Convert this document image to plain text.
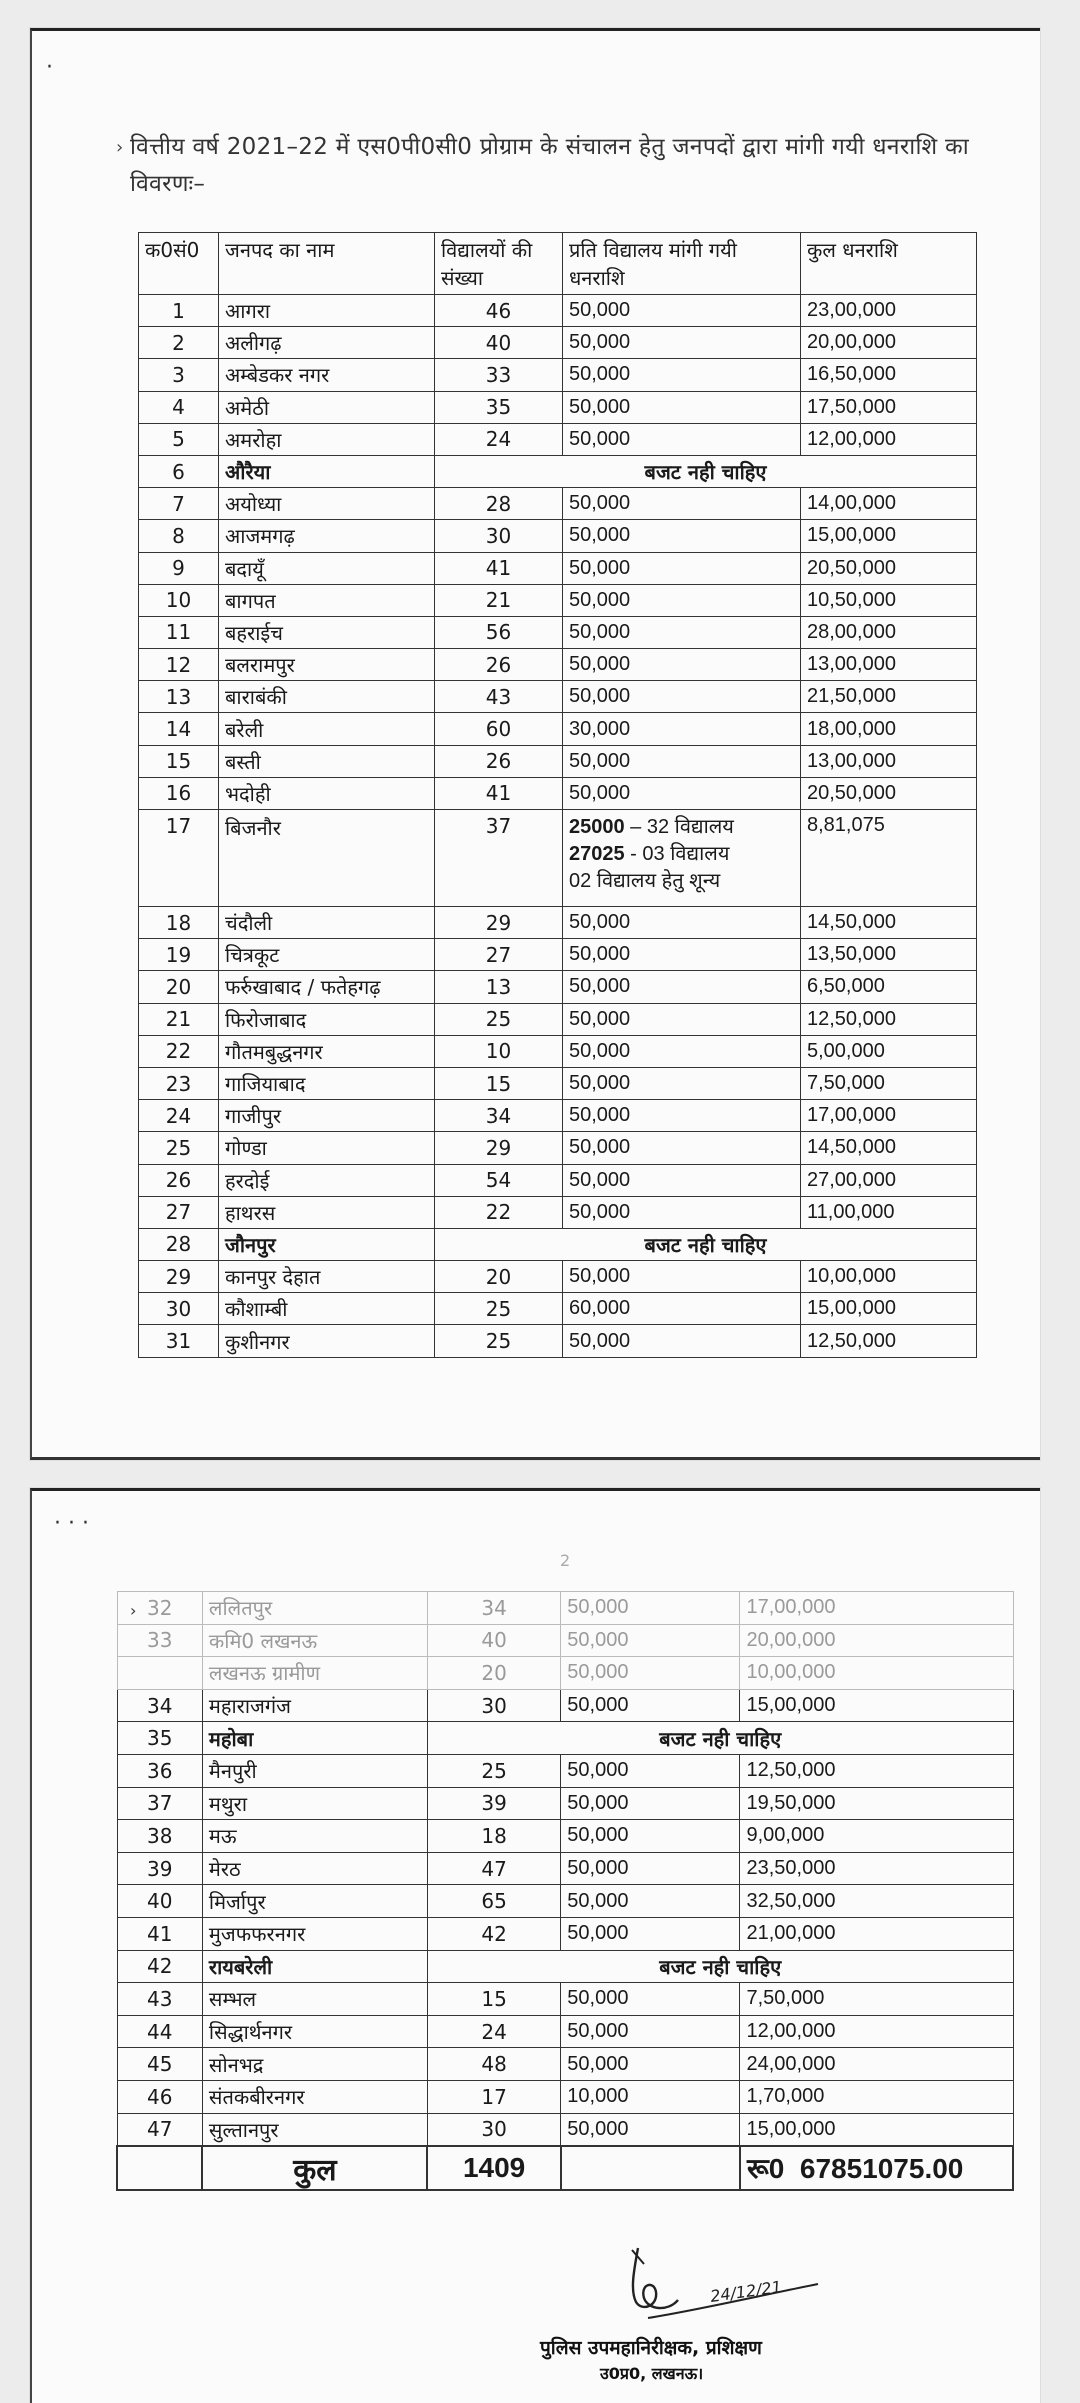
·
› वित्तीय वर्ष 2021–22 में एस0पी0सी0 प्रोग्राम के संचालन हेतु जनपदों द्वारा मांगी गयी धनराशि का विवरणः–
क0सं0	जनपद का नाम	विद्यालयों की संख्या	प्रति विद्यालय मांगी गयी धनराशि	कुल धनराशि
1	आगरा	46	50,000	23,00,000
2	अलीगढ़	40	50,000	20,00,000
3	अम्बेडकर नगर	33	50,000	16,50,000
4	अमेठी	35	50,000	17,50,000
5	अमरोहा	24	50,000	12,00,000
6	औरैया	बजट नही चाहिए		
7	अयोध्या	28	50,000	14,00,000
8	आजमगढ़	30	50,000	15,00,000
9	बदायूँ	41	50,000	20,50,000
10	बागपत	21	50,000	10,50,000
11	बहराईच	56	50,000	28,00,000
12	बलरामपुर	26	50,000	13,00,000
13	बाराबंकी	43	50,000	21,50,000
14	बरेली	60	30,000	18,00,000
15	बस्ती	26	50,000	13,00,000
16	भदोही	41	50,000	20,50,000
17	बिजनौर	37	25000 – 32 विद्यालय
27025 - 03 विद्यालय
02 विद्यालय हेतु शून्य	8,81,075
18	चंदौली	29	50,000	14,50,000
19	चित्रकूट	27	50,000	13,50,000
20	फर्रुखाबाद / फतेहगढ़	13	50,000	6,50,000
21	फिरोजाबाद	25	50,000	12,50,000
22	गौतमबुद्धनगर	10	50,000	5,00,000
23	गाजियाबाद	15	50,000	7,50,000
24	गाजीपुर	34	50,000	17,00,000
25	गोण्डा	29	50,000	14,50,000
26	हरदोई	54	50,000	27,00,000
27	हाथरस	22	50,000	11,00,000
28	जौनपुर	बजट नही चाहिए		
29	कानपुर देहात	20	50,000	10,00,000
30	कौशाम्बी	25	60,000	15,00,000
31	कुशीनगर	25	50,000	12,50,000
· · ·
2
› 32	ललितपुर	34	50,000	17,00,000
33	कमि0 लखनऊ	40	50,000	20,00,000
	लखनऊ ग्रामीण	20	50,000	10,00,000
34	महाराजगंज	30	50,000	15,00,000
35	महोबा	बजट नही चाहिए		
36	मैनपुरी	25	50,000	12,50,000
37	मथुरा	39	50,000	19,50,000
38	मऊ	18	50,000	9,00,000
39	मेरठ	47	50,000	23,50,000
40	मिर्जापुर	65	50,000	32,50,000
41	मुजफफरनगर	42	50,000	21,00,000
42	रायबरेली	बजट नही चाहिए		
43	सम्भल	15	50,000	7,50,000
44	सिद्धार्थनगर	24	50,000	12,00,000
45	सोनभद्र	48	50,000	24,00,000
46	संतकबीरनगर	17	10,000	1,70,000
47	सुल्तानपुर	30	50,000	15,00,000
	कुल	1409		रू0  67851075.00
24/12/21
पुलिस उपमहानिरीक्षक, प्रशिक्षण
उ0प्र0, लखनऊ।
